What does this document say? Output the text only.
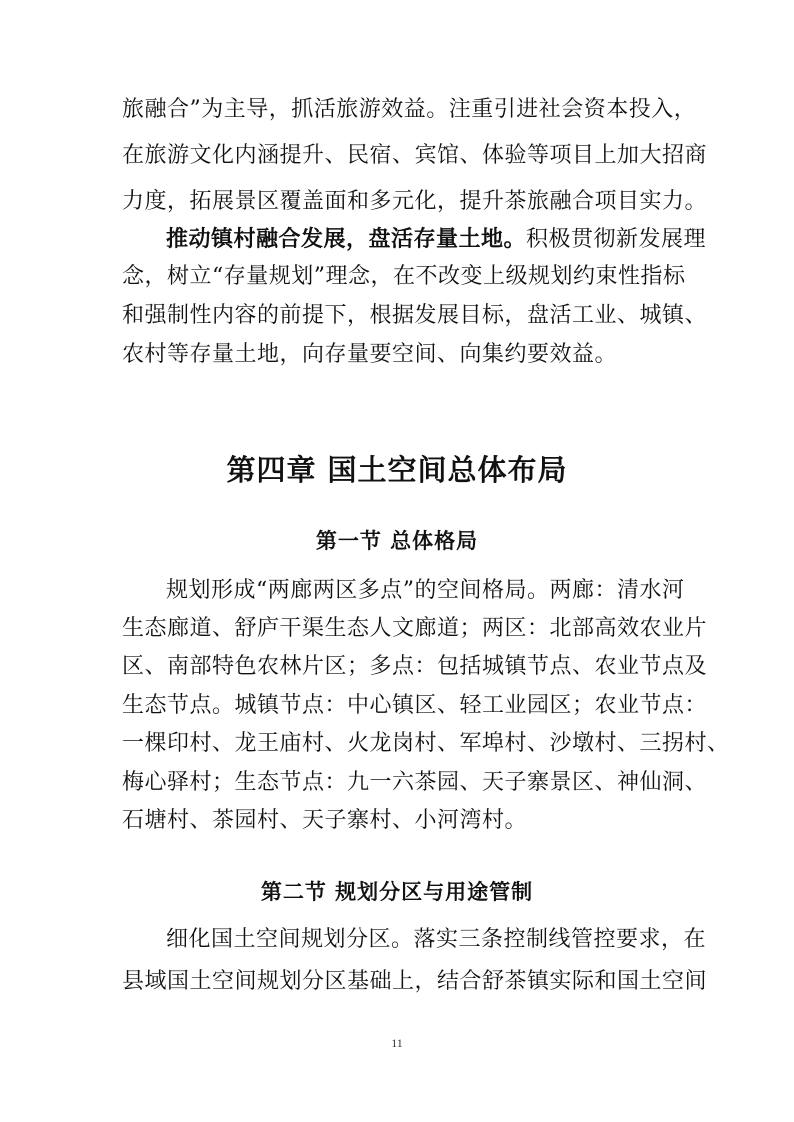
旅融合”为主导，抓活旅游效益。注重引进社会资本投入，
在旅游文化内涵提升、民宿、宾馆、体验等项目上加大招商
力度，拓展景区覆盖面和多元化，提升茶旅融合项目实力。
推动镇村融合发展，盘活存量土地。积极贯彻新发展理
念，树立“存量规划”理念，在不改变上级规划约束性指标
和强制性内容的前提下，根据发展目标，盘活工业、城镇、
农村等存量土地，向存量要空间、向集约要效益。
第四章 国土空间总体布局
第一节 总体格局
规划形成“两廊两区多点”的空间格局。两廊：清水河
生态廊道、舒庐干渠生态人文廊道；两区：北部高效农业片
区、南部特色农林片区；多点：包括城镇节点、农业节点及
生态节点。城镇节点：中心镇区、轻工业园区；农业节点：
一棵印村、龙王庙村、火龙岗村、军埠村、沙墩村、三拐村、
梅心驿村；生态节点：九一六茶园、天子寨景区、神仙洞、
石塘村、茶园村、天子寨村、小河湾村。
第二节 规划分区与用途管制
细化国土空间规划分区。落实三条控制线管控要求，在
县域国土空间规划分区基础上，结合舒茶镇实际和国土空间
11
